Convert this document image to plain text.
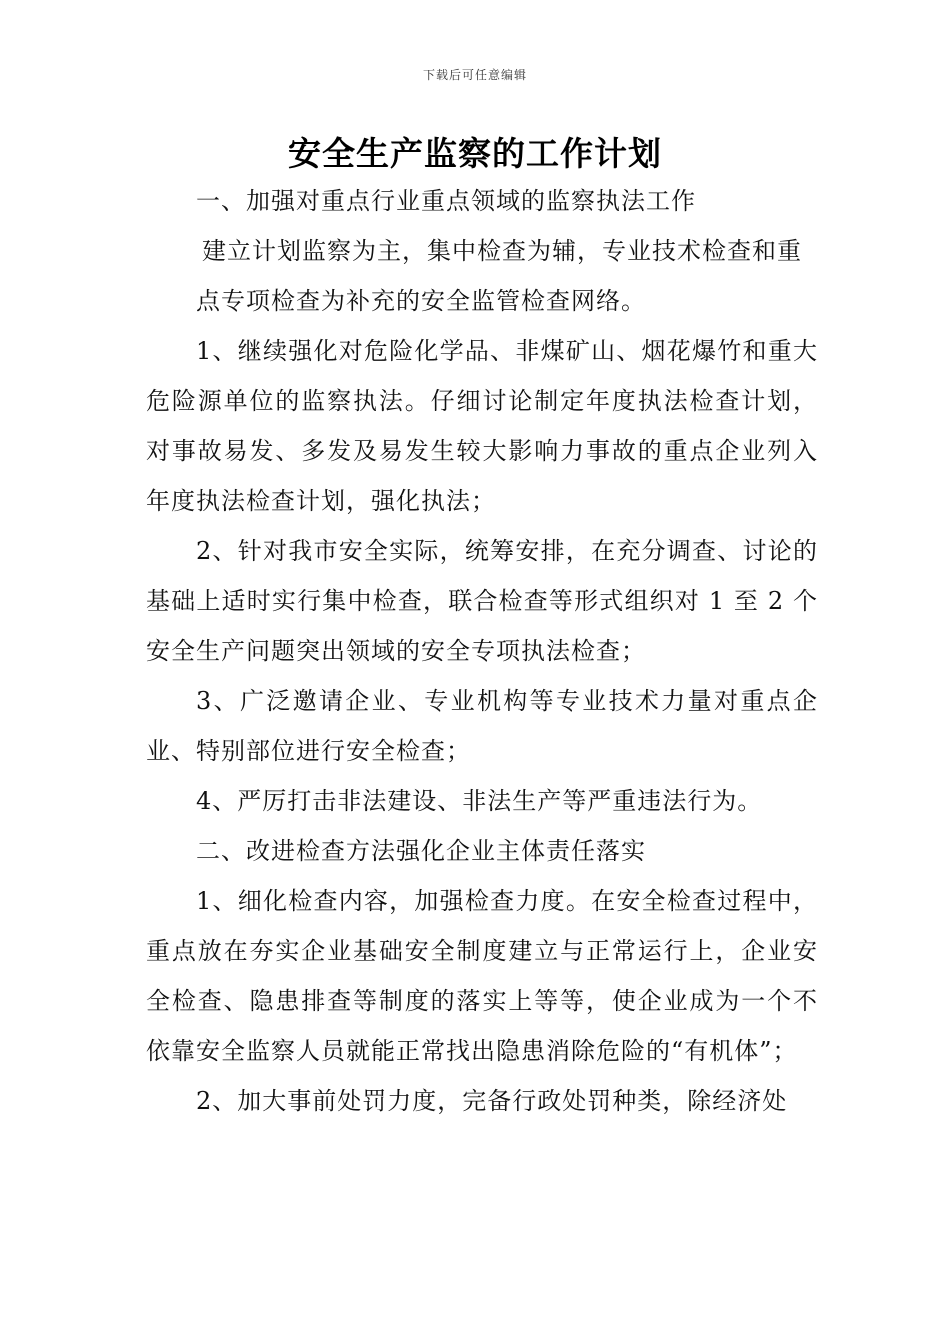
下载后可任意编辑
安全生产监察的工作计划

一、加强对重点行业重点领域的监察执法工作

建立计划监察为主，集中检查为辅，专业技术检查和重

点专项检查为补充的安全监管检查网络。

1、继续强化对危险化学品、非煤矿山、烟花爆竹和重大危险源单位的监察执法。仔细讨论制定年度执法检查计划，对事故易发、多发及易发生较大影响力事故的重点企业列入年度执法检查计划，强化执法；

2、针对我市安全实际，统筹安排，在充分调查、讨论的基础上适时实行集中检查，联合检查等形式组织对 1 至 2 个安全生产问题突出领域的安全专项执法检查；

3、广泛邀请企业、专业机构等专业技术力量对重点企业、特别部位进行安全检查；

4、严厉打击非法建设、非法生产等严重违法行为。

二、改进检查方法强化企业主体责任落实

1、细化检查内容，加强检查力度。在安全检查过程中，重点放在夯实企业基础安全制度建立与正常运行上，企业安全检查、隐患排查等制度的落实上等等，使企业成为一个不依靠安全监察人员就能正常找出隐患消除危险的“有机体”；

2、加大事前处罚力度，完备行政处罚种类，除经济处
